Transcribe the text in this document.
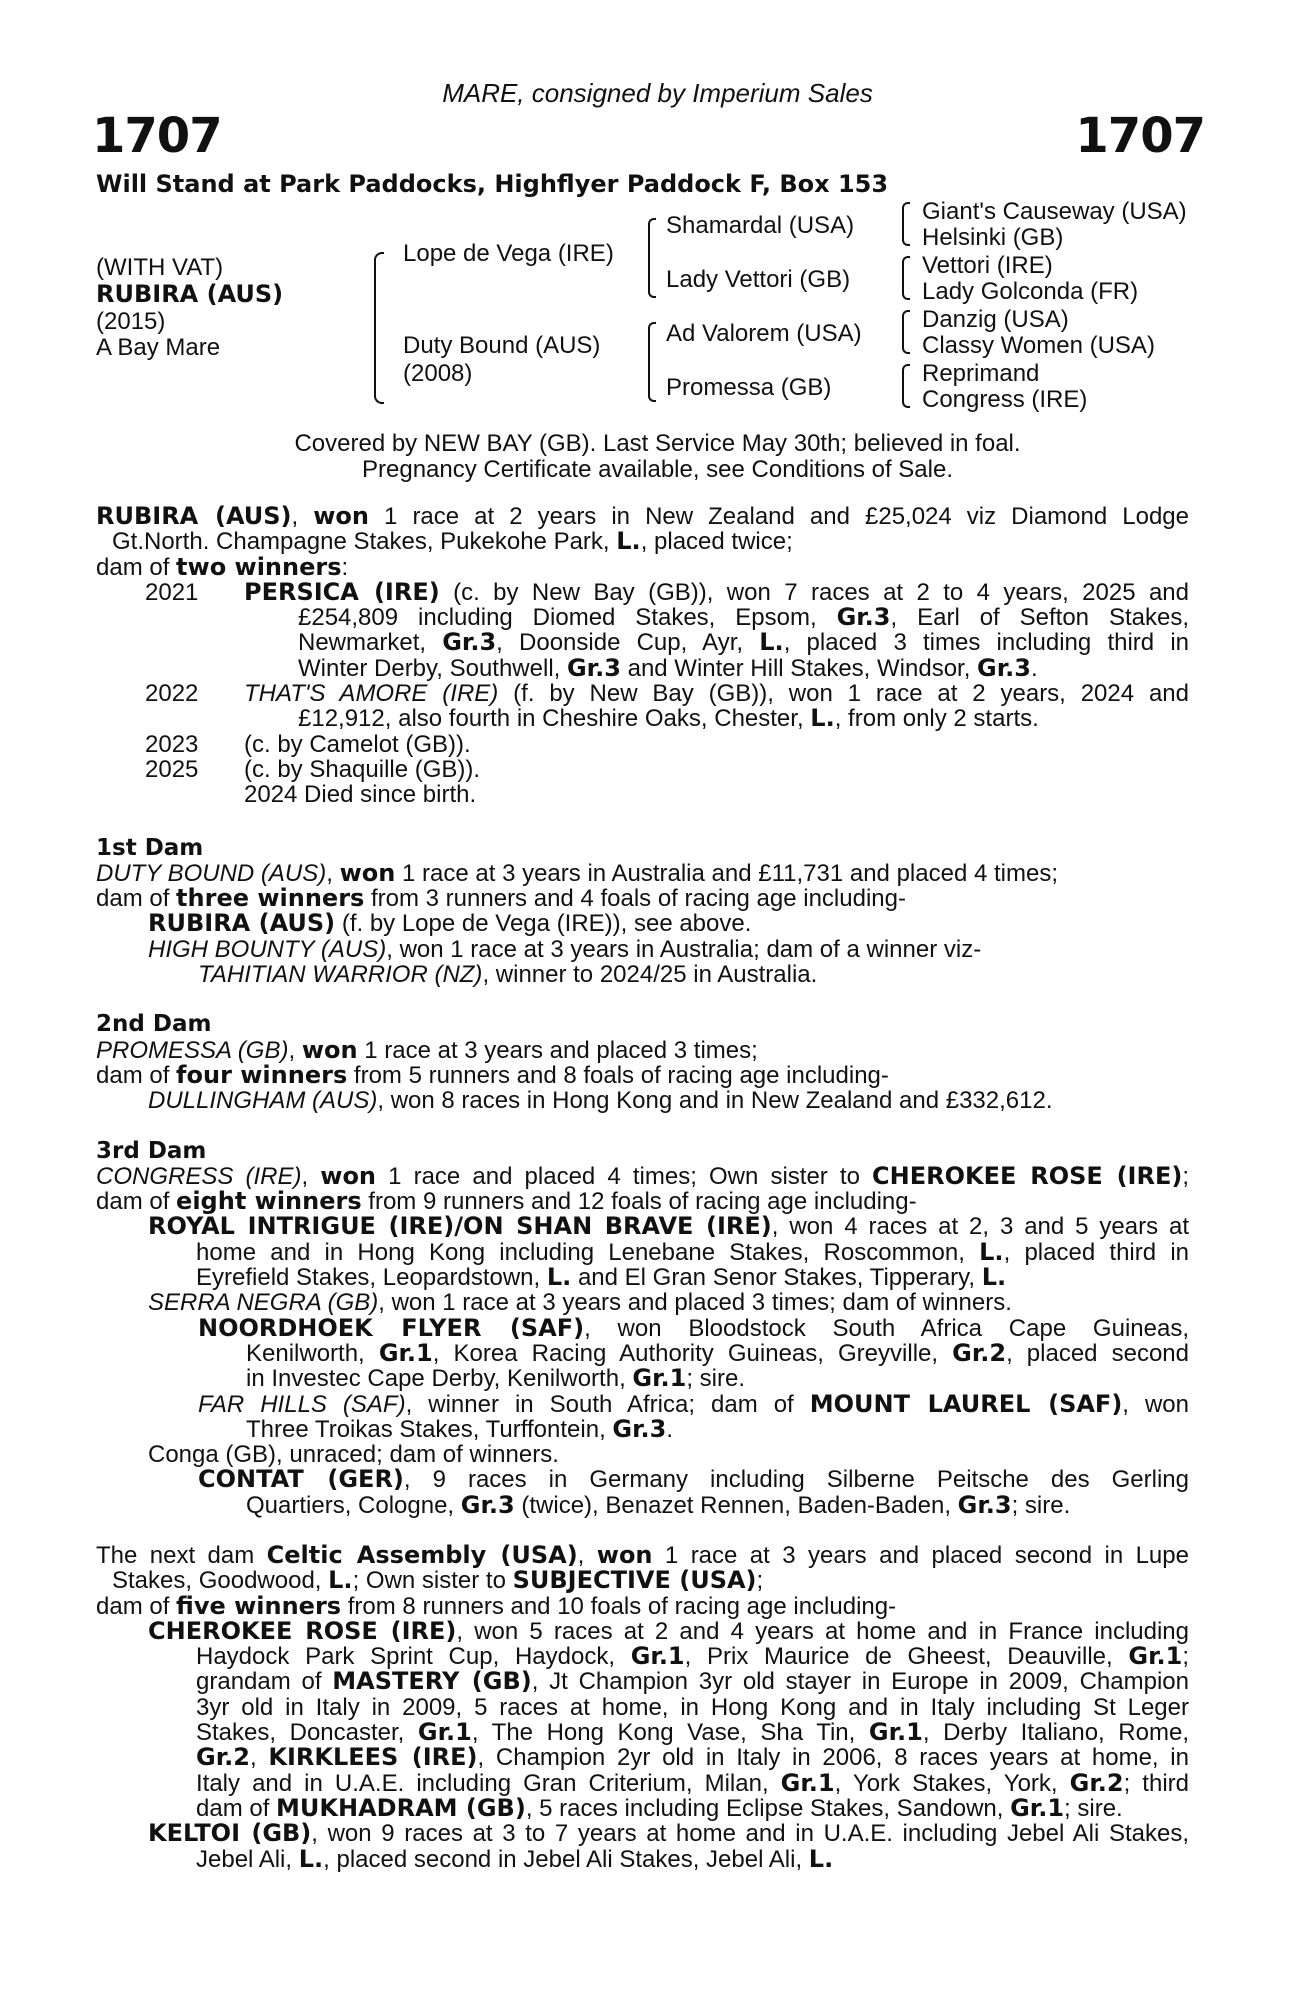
MARE, consigned by Imperium Sales
1707	1707
Will Stand at Park Paddocks, Highflyer Paddock F, Box 153
(WITH VAT)
RUBIRA (AUS)
(2015)
A Bay Mare
Lope de Vega (IRE)
Duty Bound (AUS)
(2008)
Shamardal (USA)
Lady Vettori (GB)
Ad Valorem (USA)
Promessa (GB)
Giant's Causeway (USA)
Helsinki (GB)
Vettori (IRE)
Lady Golconda (FR)
Danzig (USA)
Classy Women (USA)
Reprimand
Congress (IRE)
Covered by NEW BAY (GB). Last Service May 30th; believed in foal.
Pregnancy Certificate available, see Conditions of Sale.
RUBIRA (AUS), won 1 race at 2 years in New Zealand and £25,024 viz Diamond Lodge
Gt.North. Champagne Stakes, Pukekohe Park, L., placed twice;
dam of two winners:
2021 PERSICA (IRE) (c. by New Bay (GB)), won 7 races at 2 to 4 years, 2025 and
£254,809 including Diomed Stakes, Epsom, Gr.3, Earl of Sefton Stakes,
Newmarket, Gr.3, Doonside Cup, Ayr, L., placed 3 times including third in
Winter Derby, Southwell, Gr.3 and Winter Hill Stakes, Windsor, Gr.3.
2022 THAT'S AMORE (IRE) (f. by New Bay (GB)), won 1 race at 2 years, 2024 and
£12,912, also fourth in Cheshire Oaks, Chester, L., from only 2 starts.
2023 (c. by Camelot (GB)).
2025 (c. by Shaquille (GB)).
2024 Died since birth.
1st Dam
DUTY BOUND (AUS), won 1 race at 3 years in Australia and £11,731 and placed 4 times;
dam of three winners from 3 runners and 4 foals of racing age including-
RUBIRA (AUS) (f. by Lope de Vega (IRE)), see above.
HIGH BOUNTY (AUS), won 1 race at 3 years in Australia; dam of a winner viz-
TAHITIAN WARRIOR (NZ), winner to 2024/25 in Australia.
2nd Dam
PROMESSA (GB), won 1 race at 3 years and placed 3 times;
dam of four winners from 5 runners and 8 foals of racing age including-
DULLINGHAM (AUS), won 8 races in Hong Kong and in New Zealand and £332,612.
3rd Dam
CONGRESS (IRE), won 1 race and placed 4 times; Own sister to CHEROKEE ROSE (IRE);
dam of eight winners from 9 runners and 12 foals of racing age including-
ROYAL INTRIGUE (IRE)/ON SHAN BRAVE (IRE), won 4 races at 2, 3 and 5 years at
home and in Hong Kong including Lenebane Stakes, Roscommon, L., placed third in
Eyrefield Stakes, Leopardstown, L. and El Gran Senor Stakes, Tipperary, L.
SERRA NEGRA (GB), won 1 race at 3 years and placed 3 times; dam of winners.
NOORDHOEK FLYER (SAF), won Bloodstock South Africa Cape Guineas,
Kenilworth, Gr.1, Korea Racing Authority Guineas, Greyville, Gr.2, placed second
in Investec Cape Derby, Kenilworth, Gr.1; sire.
FAR HILLS (SAF), winner in South Africa; dam of MOUNT LAUREL (SAF), won
Three Troikas Stakes, Turffontein, Gr.3.
Conga (GB), unraced; dam of winners.
CONTAT (GER), 9 races in Germany including Silberne Peitsche des Gerling
Quartiers, Cologne, Gr.3 (twice), Benazet Rennen, Baden-Baden, Gr.3; sire.
The next dam Celtic Assembly (USA), won 1 race at 3 years and placed second in Lupe
Stakes, Goodwood, L.; Own sister to SUBJECTIVE (USA);
dam of five winners from 8 runners and 10 foals of racing age including-
CHEROKEE ROSE (IRE), won 5 races at 2 and 4 years at home and in France including
Haydock Park Sprint Cup, Haydock, Gr.1, Prix Maurice de Gheest, Deauville, Gr.1;
grandam of MASTERY (GB), Jt Champion 3yr old stayer in Europe in 2009, Champion
3yr old in Italy in 2009, 5 races at home, in Hong Kong and in Italy including St Leger
Stakes, Doncaster, Gr.1, The Hong Kong Vase, Sha Tin, Gr.1, Derby Italiano, Rome,
Gr.2, KIRKLEES (IRE), Champion 2yr old in Italy in 2006, 8 races years at home, in
Italy and in U.A.E. including Gran Criterium, Milan, Gr.1, York Stakes, York, Gr.2; third
dam of MUKHADRAM (GB), 5 races including Eclipse Stakes, Sandown, Gr.1; sire.
KELTOI (GB), won 9 races at 3 to 7 years at home and in U.A.E. including Jebel Ali Stakes,
Jebel Ali, L., placed second in Jebel Ali Stakes, Jebel Ali, L.
